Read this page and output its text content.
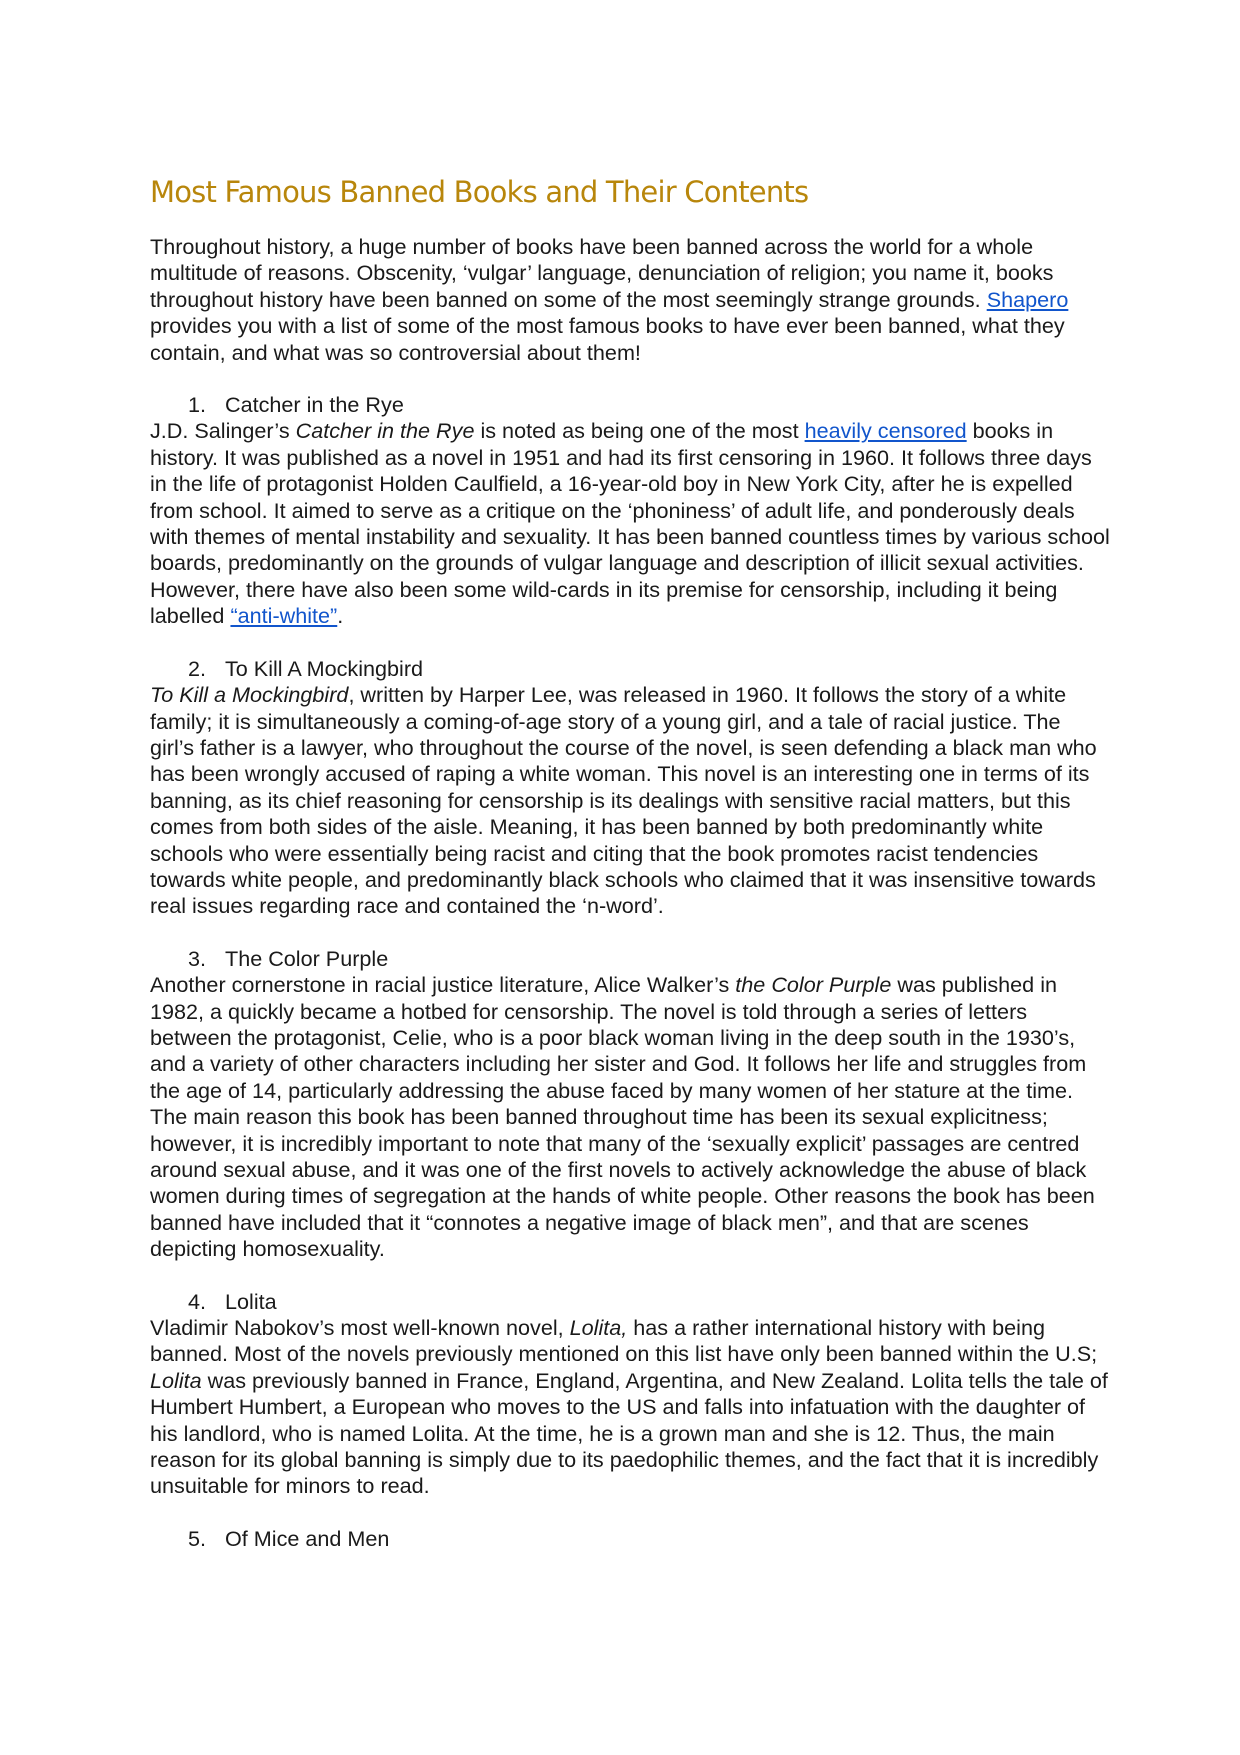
Most Famous Banned Books and Their Contents

Throughout history, a huge number of books have been banned across the world for a whole multitude of reasons. Obscenity, ‘vulgar’ language, denunciation of religion; you name it, books throughout history have been banned on some of the most seemingly strange grounds. Shapero provides you with a list of some of the most famous books to have ever been banned, what they contain, and what was so controversial about them!

1. Catcher in the Rye

J.D. Salinger’s Catcher in the Rye is noted as being one of the most heavily censored books in history. It was published as a novel in 1951 and had its first censoring in 1960. It follows three days in the life of protagonist Holden Caulfield, a 16-year-old boy in New York City, after he is expelled from school. It aimed to serve as a critique on the ‘phoniness’ of adult life, and ponderously deals with themes of mental instability and sexuality. It has been banned countless times by various school boards, predominantly on the grounds of vulgar language and description of illicit sexual activities. However, there have also been some wild-cards in its premise for censorship, including it being labelled “anti-white”.

2. To Kill A Mockingbird

To Kill a Mockingbird, written by Harper Lee, was released in 1960. It follows the story of a white family; it is simultaneously a coming-of-age story of a young girl, and a tale of racial justice. The girl’s father is a lawyer, who throughout the course of the novel, is seen defending a black man who has been wrongly accused of raping a white woman. This novel is an interesting one in terms of its banning, as its chief reasoning for censorship is its dealings with sensitive racial matters, but this comes from both sides of the aisle. Meaning, it has been banned by both predominantly white schools who were essentially being racist and citing that the book promotes racist tendencies towards white people, and predominantly black schools who claimed that it was insensitive towards real issues regarding race and contained the ‘n-word’.

3. The Color Purple

Another cornerstone in racial justice literature, Alice Walker’s the Color Purple was published in 1982, a quickly became a hotbed for censorship. The novel is told through a series of letters between the protagonist, Celie, who is a poor black woman living in the deep south in the 1930’s, and a variety of other characters including her sister and God. It follows her life and struggles from the age of 14, particularly addressing the abuse faced by many women of her stature at the time. The main reason this book has been banned throughout time has been its sexual explicitness; however, it is incredibly important to note that many of the ‘sexually explicit’ passages are centred around sexual abuse, and it was one of the first novels to actively acknowledge the abuse of black women during times of segregation at the hands of white people. Other reasons the book has been banned have included that it “connotes a negative image of black men”, and that are scenes depicting homosexuality.

4. Lolita

Vladimir Nabokov’s most well-known novel, Lolita, has a rather international history with being banned. Most of the novels previously mentioned on this list have only been banned within the U.S; Lolita was previously banned in France, England, Argentina, and New Zealand. Lolita tells the tale of Humbert Humbert, a European who moves to the US and falls into infatuation with the daughter of his landlord, who is named Lolita. At the time, he is a grown man and she is 12. Thus, the main reason for its global banning is simply due to its paedophilic themes, and the fact that it is incredibly unsuitable for minors to read.

5. Of Mice and Men
